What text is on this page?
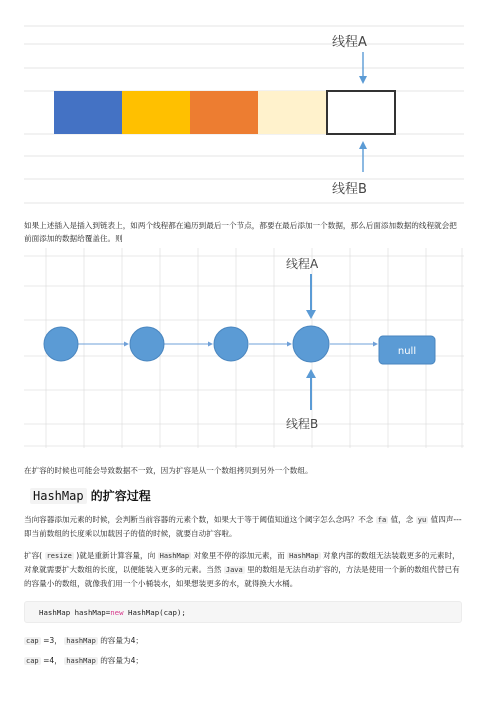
线程A
线程B

如果上述插入是插入到链表上，如两个线程都在遍历到最后一个节点，都要在最后添加一个数据，那么后面添加数据的线程就会把前面添加的数据给覆盖住。则

null
线程A
线程B

在扩容的时候也可能会导致数据不一致，因为扩容是从一个数组拷贝到另外一个数组。

HashMap 的扩容过程

当向容器添加元素的时候，会判断当前容器的元素个数，如果大于等于阈值知道这个阈字怎么念吗？不念 fa 值，念 yu 值四声---即当前数组的长度乘以加载因子的值的时候，就要自动扩容啦。

扩容( resize )就是重新计算容量，向 HashMap 对象里不停的添加元素，而 HashMap 对象内部的数组无法装载更多的元素时，对象就需要扩大数组的长度，以便能装入更多的元素。当然 Java 里的数组是无法自动扩容的，方法是使用一个新的数组代替已有的容量小的数组，就像我们用一个小桶装水，如果想装更多的水，就得换大水桶。

HashMap hashMap=new HashMap(cap);
cap =3， hashMap 的容量为4；
cap =4， hashMap 的容量为4；
